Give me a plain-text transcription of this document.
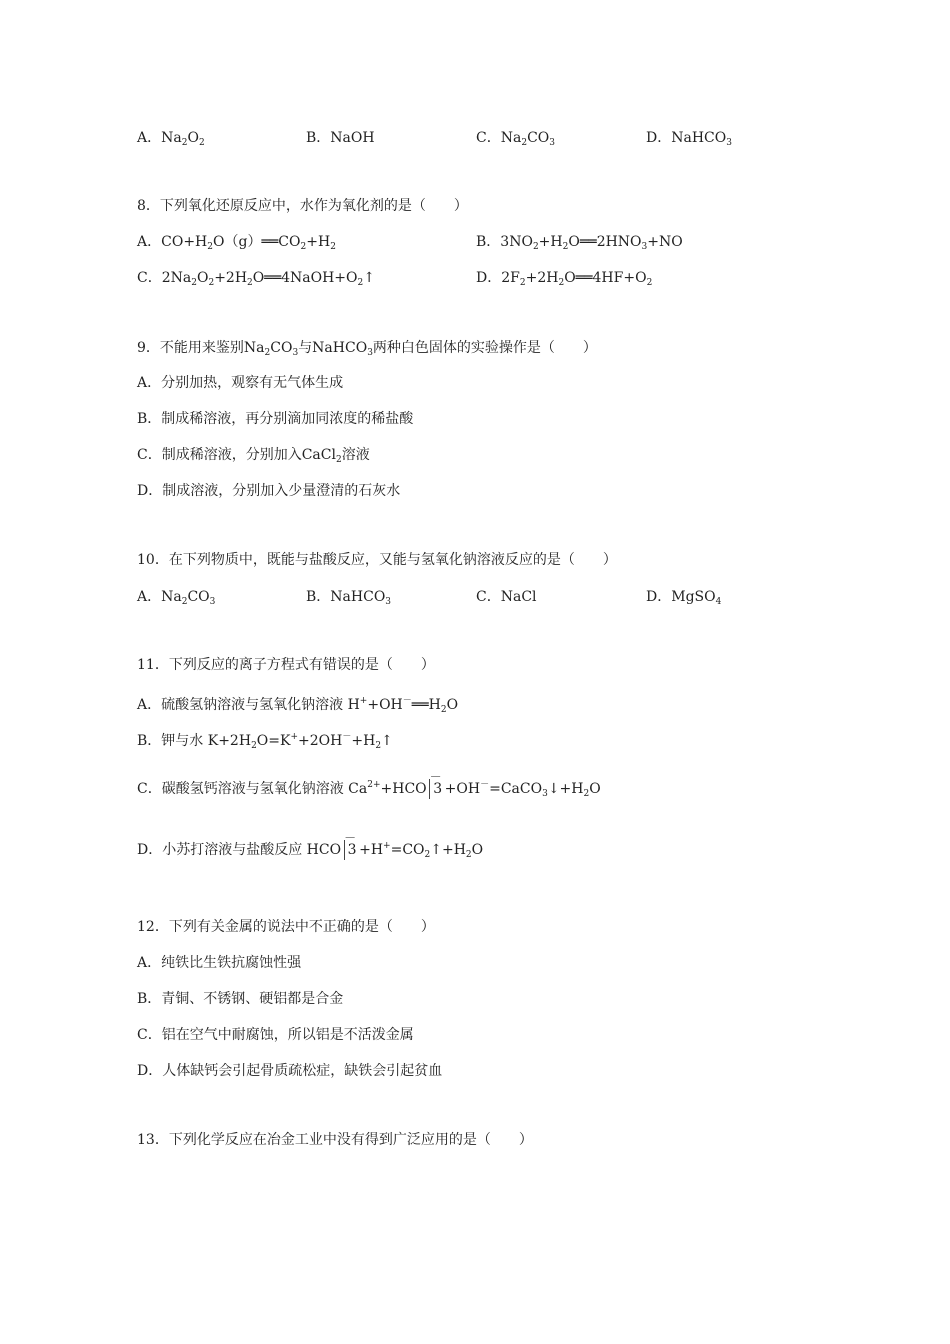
A．$Na_2O_2$	B．NaOH	C．$Na_2CO_3$	D．NaHCO$_3$
8．下列氧化还原反应中，水作为氧化剂的是（　　）
A．$CO+H_2O(g)══CO_2+H_2$	B．$3NO_2+H_2O══2HNO_3+NO$
C．$2Na_2O_2+2H_2O══4NaOH+O_2↑$	D．$2F_2+2H_2O══4HF+O_2$
9．不能用来鉴别$Na_2CO_3$与NaHCO$_3$两种白色固体的实验操作是（　　）
A．分别加热，观察有无气体生成
B．制成稀溶液，再分别滴加同浓度的稀盐酸
C．制成稀溶液，分别加入CaCl$_2$溶液
D．制成溶液，分别加入少量澄清的石灰水
10．在下列物质中，既能与盐酸反应，又能与氢氧化钠溶液反应的是（　　）
A．$Na_2CO_3$	B．NaHCO$_3$	C．NaCl	D．MgSO$_4$
11．下列反应的离子方程式有错误的是（　　）
A．硫酸氢钠溶液与氢氧化钠溶液 $H^++OH^-══H_2O$
B．钾与水 $K+2H_2O=K^++2OH^-+H_2↑$
C．碳酸氢钙溶液与氢氧化钠溶液 $Ca^{2+}+HCO$
－
$3 +OH^-=CaCO_3↓+H_2O$
D．小苏打溶液与盐酸反应 HCO
－
$3 +H^+=CO_2↑+H_2O$
12．下列有关金属的说法中不正确的是（　　）
A．纯铁比生铁抗腐蚀性强
B．青铜、不锈钢、硬铝都是合金
C．铝在空气中耐腐蚀，所以铝是不活泼金属
D．人体缺钙会引起骨质疏松症，缺铁会引起贫血
13．下列化学反应在冶金工业中没有得到广泛应用的是（　　）
